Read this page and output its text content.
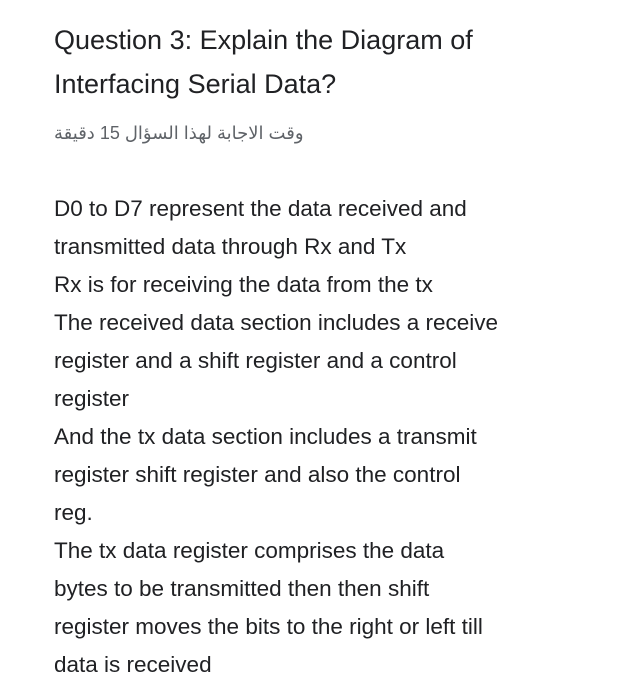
Question 3: Explain the Diagram of
Interfacing Serial Data?
وقت الاجابة لهذا السؤال 15 دقيقة
D0 to D7 represent the data received and
transmitted data through Rx and Tx
Rx is for receiving the data from the tx
The received data section includes a receive
register and a shift register and a control
register
And the tx data section includes a transmit
register shift register and also the control
reg.
The tx data register comprises the data
bytes to be transmitted then then shift
register moves the bits to the right or left till
data is received
